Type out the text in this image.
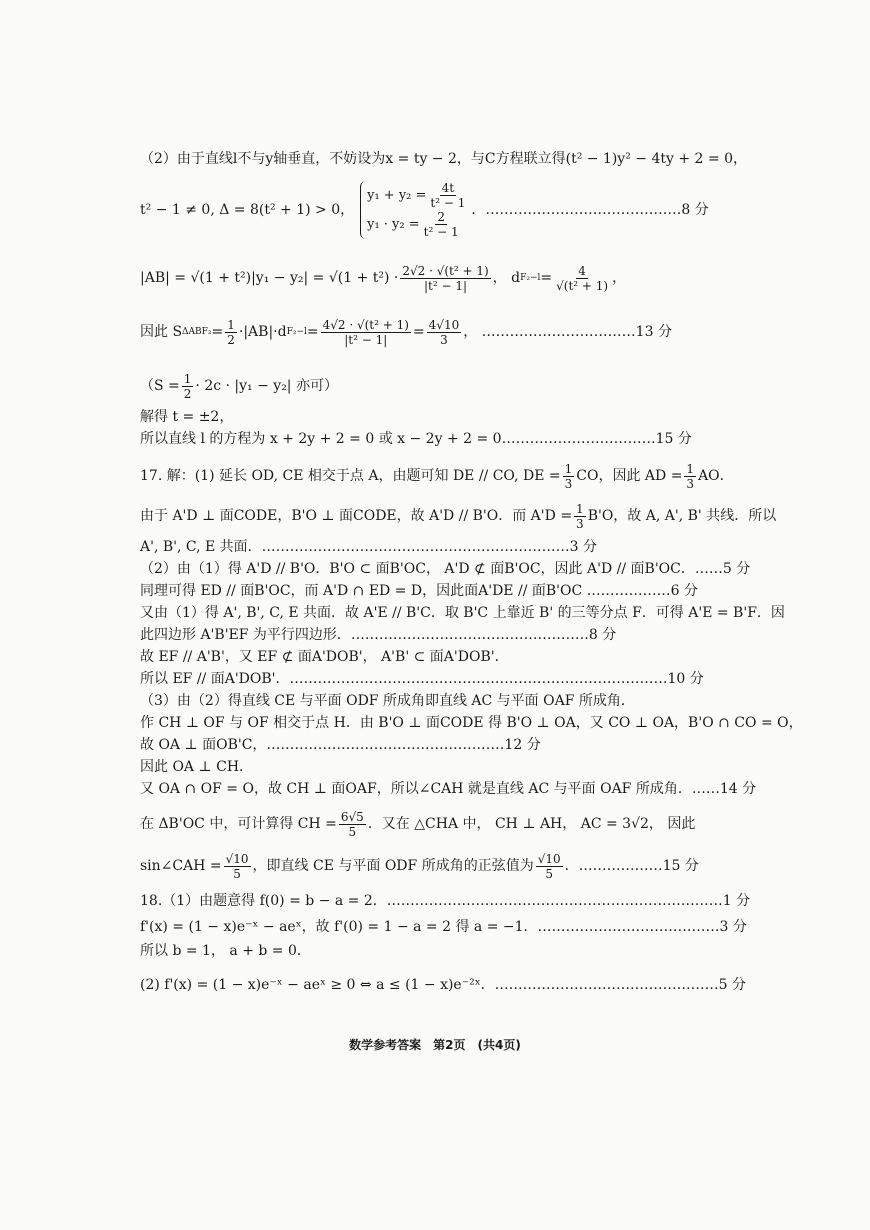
（2）由于直线l不与y轴垂直，不妨设为x = ty − 2，与C方程联立得(t² − 1)y² − 4ty + 2 = 0，
t² − 1 ≠ 0, Δ = 8(t² + 1) > 0，
$y_1 + y_2 = \frac{4t}{\text{t² − 1}}$
$y_1 \cdot y_2 = \frac{2}{\text{t² − 1}}$ ．……………………………………8 分
$|AB| = √(1 + t^2)|y_1 - y_2| = √(1 + t^2) \cdot \frac{\text{2√2 · √(t² + 1)}}{\text{|t² − 1|}}$ ， d $F_2-l = \frac{4}{\text{√(t² + 1)}}$ ，
因此 S $\Delta ABF_2 = \frac{1}{2} \cdot|AB|\cdot d$ $F_2-l = \frac{\text{4√2 · √(t² + 1)}}{\text{|t² − 1|}} = \frac{4√10}{3}$ ， ……………………………13 分
（$S = \frac{1}{2} \cdot 2c \cdot |y_1 - y_2|$ 亦可）
解得 t = ±2，
所以直线 l 的方程为 x + 2y + 2 = 0 或 x − 2y + 2 = 0……………………………15 分
17. 解：(1) 延长 OD, CE 相交于点 A，由题可知 DE // CO, DE = $\frac{1}{3}$ CO，因此 AD = $\frac{1}{3}$ AO．
由于 A'D ⊥ 面CODE，B'O ⊥ 面CODE，故 A'D // B'O．而 $A'D = \frac{1}{3} B'O$，故 A, A', B' 共线．所以
A', B', C, E 共面．…………………………………………………………3 分
（2）由（1）得 A'D // B'O．B'O ⊂ 面B'OC， A'D ⊄ 面B'OC，因此 A'D // 面B'OC．……5 分
同理可得 ED // 面B'OC，而 A'D ∩ ED = D，因此面A'DE // 面B'OC ………………6 分
又由（1）得 A', B', C, E 共面．故 A'E // B'C．取 B'C 上靠近 B' 的三等分点 F．可得 A'E = B'F．因
此四边形 A'B'EF 为平行四边形．……………………………………………8 分
故 EF // A'B'，又 EF ⊄ 面A'DOB'， A'B' ⊂ 面A'DOB'．
所以 EF // 面A'DOB'．………………………………………………………………………10 分
（3）由（2）得直线 CE 与平面 ODF 所成角即直线 AC 与平面 OAF 所成角．
作 CH ⊥ OF 与 OF 相交于点 H．由 B'O ⊥ 面CODE 得 B'O ⊥ OA，又 CO ⊥ OA，B'O ∩ CO = O，
故 OA ⊥ 面OB'C，……………………………………………12 分
因此 OA ⊥ CH．
又 OA ∩ OF = O，故 CH ⊥ 面OAF，所以∠CAH 就是直线 AC 与平面 OAF 所成角．……14 分
在 ΔB'OC 中，可计算得 CH = $\frac{6√5}{5}$ ．又在 △CHA 中， CH ⊥ AH， AC = 3√2， 因此
sin∠CAH = $\frac{√10}{5}$ ，即直线 CE 与平面 ODF 所成角的正弦值为 $\frac{√10}{5}$ ．………………15 分
18.（1）由题意得 f(0) = b − a = 2．………………………………………………………………1 分
f'(x) = (1 − x)e⁻ˣ − aeˣ，故 f'(0) = 1 − a = 2 得 a = −1．…………………………………3 分
所以 b = 1， a + b = 0．
(2) f'(x) = (1 − x)e⁻ˣ − aeˣ ≥ 0 ⇔ a ≤ (1 − x)e⁻²ˣ．…………………………………………5 分
数学参考答案　第2页　(共4页)
